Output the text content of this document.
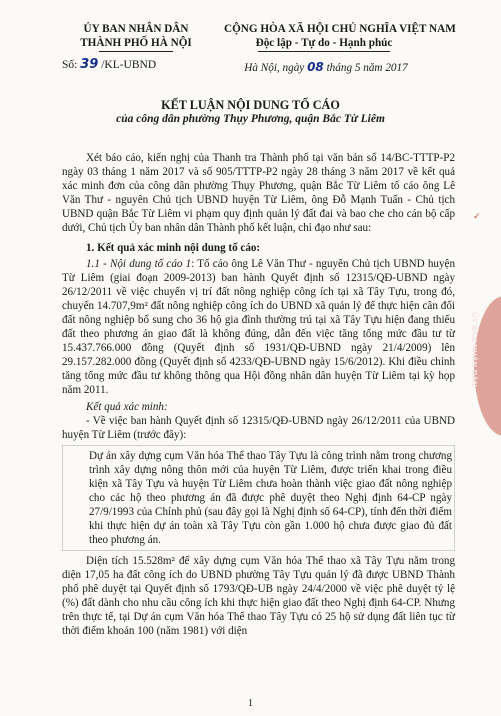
ỦY BAN NHÂN DÂN
THÀNH PHỐ HÀ NỘI
Số: 39 /KL-UBND
CỘNG HÒA XÃ HỘI CHỦ NGHĨA VIỆT NAM
Độc lập - Tự do - Hạnh phúc
Hà Nội, ngày 08 tháng 5 năm 2017
KẾT LUẬN NỘI DUNG TỐ CÁO
của công dân phường Thụy Phương, quận Bắc Từ Liêm

Xét báo cáo, kiến nghị của Thanh tra Thành phố tại văn bản số 14/BC-TTTP-P2 ngày 03 tháng 1 năm 2017 và số 905/TTTP-P2 ngày 28 tháng 3 năm 2017 về kết quả xác minh đơn của công dân phường Thụy Phương, quận Bắc Từ Liêm tố cáo ông Lê Văn Thư - nguyên Chủ tịch UBND huyện Từ Liêm, ông Đỗ Mạnh Tuấn - Chủ tịch UBND quận Bắc Từ Liêm vi phạm quy định quản lý đất đai và bao che cho cán bộ cấp dưới, Chủ tịch Ủy ban nhân dân Thành phố kết luận, chỉ đạo như sau:

1. Kết quả xác minh nội dung tố cáo:

1.1 - Nội dung tố cáo 1: Tố cáo ông Lê Văn Thư - nguyên Chủ tịch UBND huyện Từ Liêm (giai đoạn 2009-2013) ban hành Quyết định số 12315/QĐ-UBND ngày 26/12/2011 về việc chuyển vị trí đất nông nghiệp công ích tại xã Tây Tựu, trong đó, chuyển 14.707,9m² đất nông nghiệp công ích do UBND xã quản lý để thực hiện cân đối đất nông nghiệp bổ sung cho 36 hộ gia đình thường trú tại xã Tây Tựu hiện đang thiếu đất theo phương án giao đất là không đúng, dẫn đến việc tăng tổng mức đầu tư từ 15.437.766.000 đồng (Quyết định số 1931/QĐ-UBND ngày 21/4/2009) lên 29.157.282.000 đồng (Quyết định số 4233/QĐ-UBND ngày 15/6/2012). Khi điều chỉnh tăng tổng mức đầu tư không thông qua Hội đồng nhân dân huyện Từ Liêm tại kỳ họp năm 2011.

Kết quả xác minh:

- Về việc ban hành Quyết định số 12315/QĐ-UBND ngày 26/12/2011 của UBND huyện Từ Liêm (trước đây):

Dự án xây dựng cụm Văn hóa Thể thao Tây Tựu là công trình nằm trong chương trình xây dựng nông thôn mới của huyện Từ Liêm, được triển khai trong điều kiện xã Tây Tựu và huyện Từ Liêm chưa hoàn thành việc giao đất nông nghiệp cho các hộ theo phương án đã được phê duyệt theo Nghị định 64-CP ngày 27/9/1993 của Chính phủ (sau đây gọi là Nghị định số 64-CP), tính đến thời điểm khi thực hiện dự án toàn xã Tây Tựu còn gần 1.000 hộ chưa được giao đủ đất theo phương án.

Diện tích 15.528m² để xây dựng cụm Văn hóa Thể thao xã Tây Tựu nằm trong diện 17,05 ha đất công ích do UBND phường Tây Tựu quản lý đã được UBND Thành phố phê duyệt tại Quyết định số 1793/QĐ-UB ngày 24/4/2000 về việc phê duyệt tỷ lệ (%) đất dành cho nhu cầu công ích khi thực hiện giao đất theo Nghị định 64-CP. Nhưng trên thực tế, tại Dự án cụm Văn hóa Thể thao Tây Tựu có 25 hộ sử dụng đất liên tục từ thời điểm khoản 100 (năm 1981) với diện

✓
ỦY BAN NHÂN DÂN
1
